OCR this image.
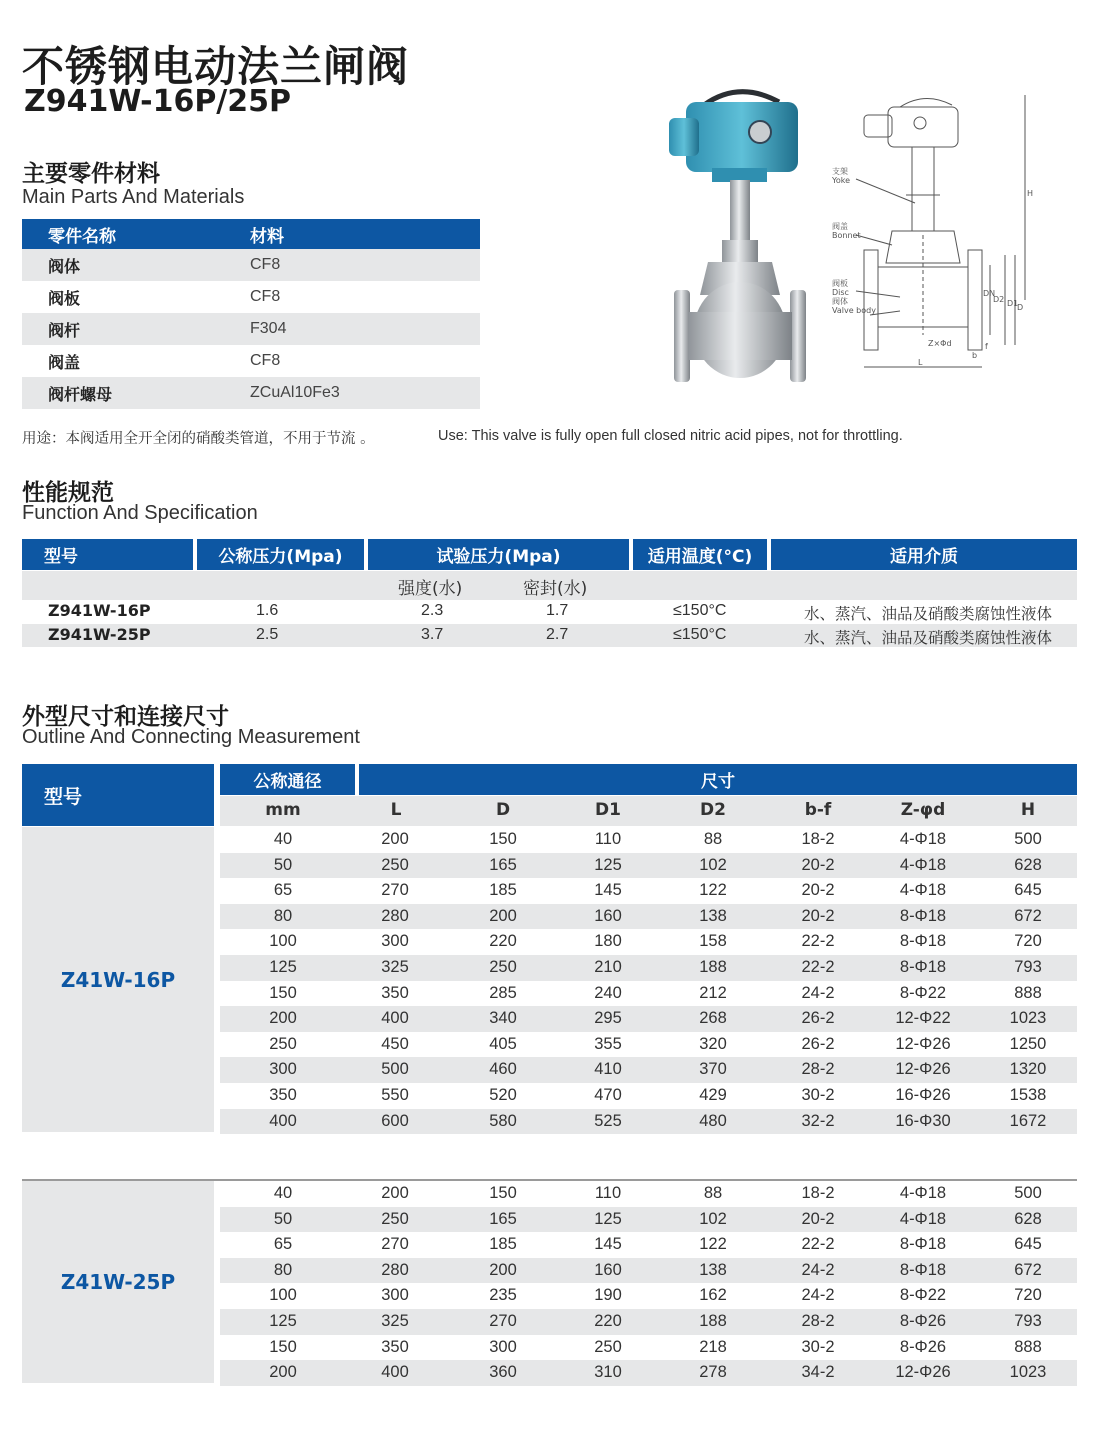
不锈钢电动法兰闸阀
Z941W-16P/25P
支架
Yoke
阀盖
Bonnet
阀板
Disc
阀体
Valve body
H
DN
D2 D1
D
Z×Φd
L
f
b
主要零件材料
Main Parts And Materials
零件名称	材料
阀体	CF8
阀板	CF8
阀杆	F304
阀盖	CF8
阀杆螺母	ZCuAl10Fe3
用途：本阀适用全开全闭的硝酸类管道，不用于节流 。	Use: This valve is fully open full closed nitric acid pipes, not for throttling.
性能规范
Function And Specification
型号	公称压力(Mpa)	试验压力(Mpa)	适用温度(°C)	适用介质
强度(水)	密封(水)
Z941W-16P	1.6	2.3	1.7	≤150°C	水、蒸汽、油品及硝酸类腐蚀性液体
Z941W-25P	2.5	3.7	2.7	≤150°C	水、蒸汽、油品及硝酸类腐蚀性液体
外型尺寸和连接尺寸
Outline And Connecting Measurement
型号
公称通径	尺寸
mm	L	D	D1	D2	b-f	Z-φd	H
Z41W-16P
40	200	150	110	88	18-2	4-Φ18	500
50	250	165	125	102	20-2	4-Φ18	628
65	270	185	145	122	20-2	4-Φ18	645
80	280	200	160	138	20-2	8-Φ18	672
100	300	220	180	158	22-2	8-Φ18	720
125	325	250	210	188	22-2	8-Φ18	793
150	350	285	240	212	24-2	8-Φ22	888
200	400	340	295	268	26-2	12-Φ22	1023
250	450	405	355	320	26-2	12-Φ26	1250
300	500	460	410	370	28-2	12-Φ26	1320
350	550	520	470	429	30-2	16-Φ26	1538
400	600	580	525	480	32-2	16-Φ30	1672
Z41W-25P
40	200	150	110	88	18-2	4-Φ18	500
50	250	165	125	102	20-2	4-Φ18	628
65	270	185	145	122	22-2	8-Φ18	645
80	280	200	160	138	24-2	8-Φ18	672
100	300	235	190	162	24-2	8-Φ22	720
125	325	270	220	188	28-2	8-Φ26	793
150	350	300	250	218	30-2	8-Φ26	888
200	400	360	310	278	34-2	12-Φ26	1023
